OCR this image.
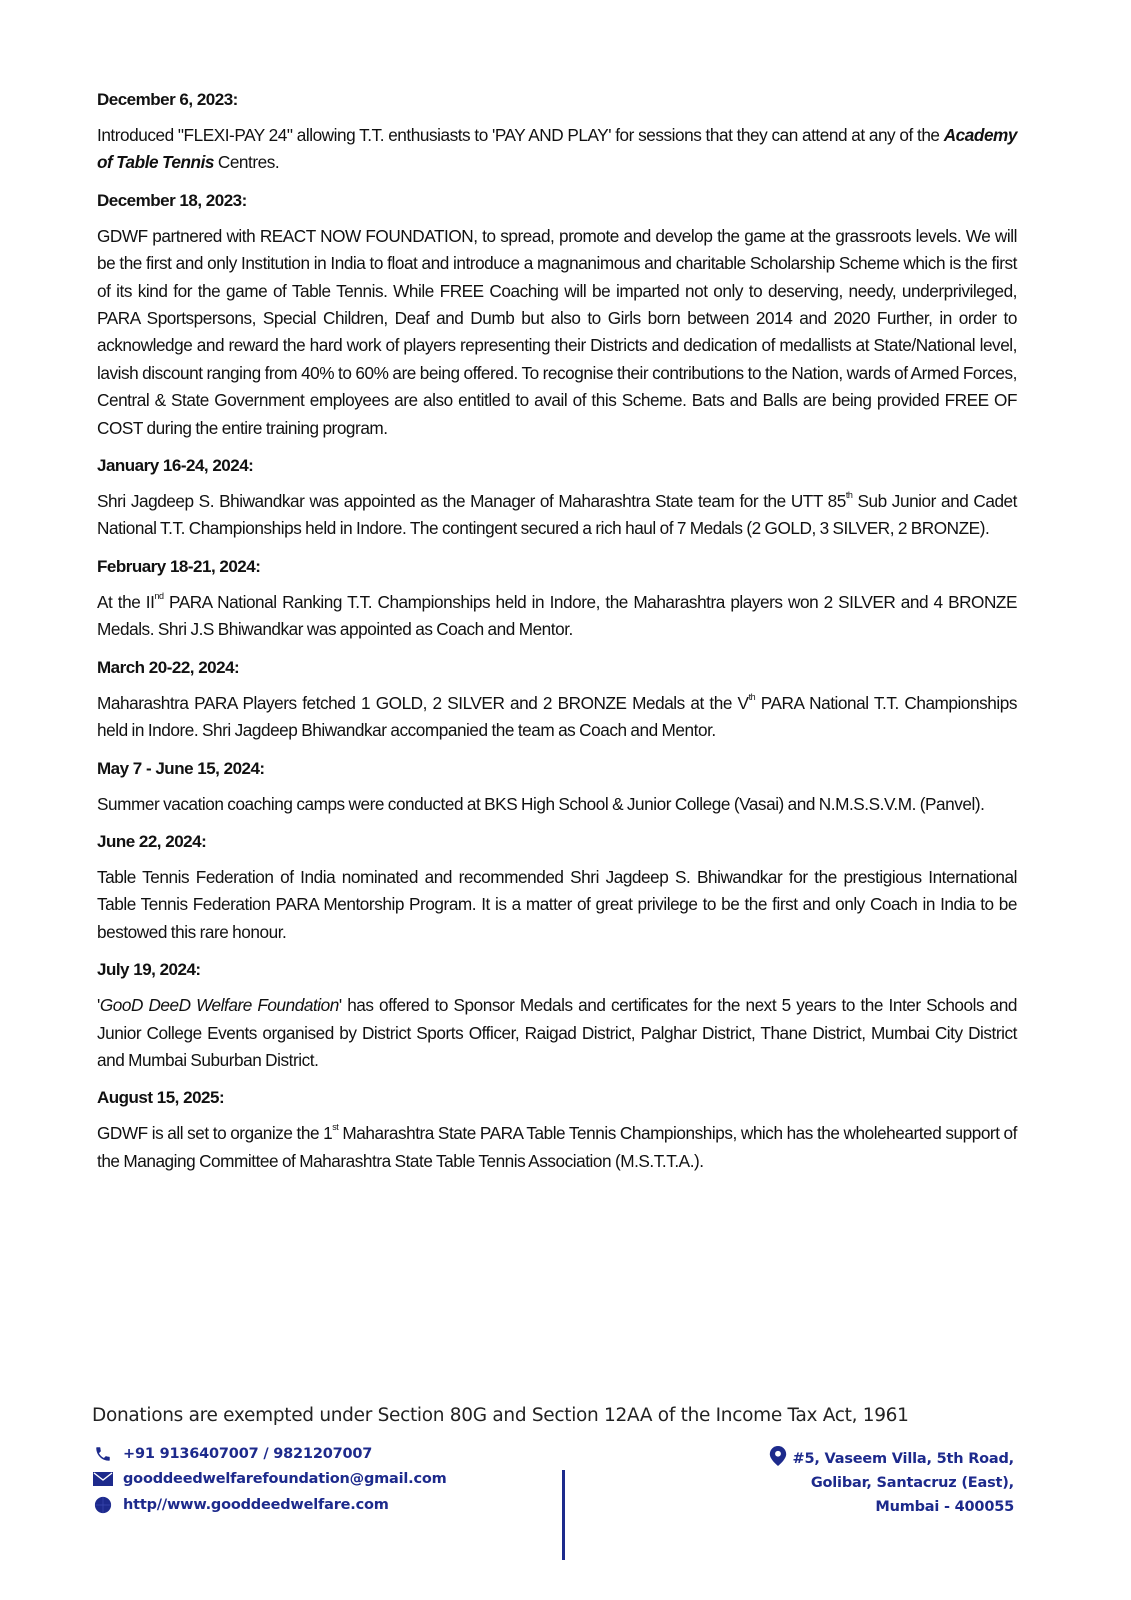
December 6, 2023:
Introduced "FLEXI-PAY 24" allowing T.T. enthusiasts to 'PAY AND PLAY' for sessions that they can attend at any of the Academy of Table Tennis Centres.
December 18, 2023:
GDWF partnered with REACT NOW FOUNDATION, to spread, promote and develop the game at the grassroots levels. We will be the first and only Institution in India to float and introduce a magnanimous and charitable Scholarship Scheme which is the first of its kind for the game of Table Tennis. While FREE Coaching will be imparted not only to deserving, needy, underprivileged, PARA Sportspersons, Special Children, Deaf and Dumb but also to Girls born between 2014 and 2020 Further, in order to acknowledge and reward the hard work of players representing their Districts and dedication of medallists at State/National level, lavish discount ranging from 40% to 60% are being offered. To recognise their contributions to the Nation, wards of Armed Forces, Central & State Government employees are also entitled to avail of this Scheme. Bats and Balls are being provided FREE OF COST during the entire training program.
January 16-24, 2024:
Shri Jagdeep S. Bhiwandkar was appointed as the Manager of Maharashtra State team for the UTT 85th Sub Junior and Cadet National T.T. Championships held in Indore. The contingent secured a rich haul of 7 Medals (2 GOLD, 3 SILVER, 2 BRONZE).
February 18-21, 2024:
At the IInd PARA National Ranking T.T. Championships held in Indore, the Maharashtra players won 2 SILVER and 4 BRONZE Medals. Shri J.S Bhiwandkar was appointed as Coach and Mentor.
March 20-22, 2024:
Maharashtra PARA Players fetched 1 GOLD, 2 SILVER and 2 BRONZE Medals at the Vth PARA National T.T. Championships held in Indore. Shri Jagdeep Bhiwandkar accompanied the team as Coach and Mentor.
May 7 - June 15, 2024:
Summer vacation coaching camps were conducted at BKS High School & Junior College (Vasai) and N.M.S.S.V.M. (Panvel).
June 22, 2024:
Table Tennis Federation of India nominated and recommended Shri Jagdeep S. Bhiwandkar for the prestigious International Table Tennis Federation PARA Mentorship Program. It is a matter of great privilege to be the first and only Coach in India to be bestowed this rare honour.
July 19, 2024:
'GooD DeeD Welfare Foundation' has offered to Sponsor Medals and certificates for the next 5 years to the Inter Schools and Junior College Events organised by District Sports Officer, Raigad District, Palghar District, Thane District, Mumbai City District and Mumbai Suburban District.
August 15, 2025:
GDWF is all set to organize the 1st Maharashtra State PARA Table Tennis Championships, which has the wholehearted support of the Managing Committee of Maharashtra State Table Tennis Association (M.S.T.T.A.).
Donations are exempted under Section 80G and Section 12AA of the Income Tax Act, 1961
+91 9136407007 / 9821207007
gooddeedwelfarefoundation@gmail.com
http//www.gooddeedwelfare.com
#5, Vaseem Villa, 5th Road,
Golibar, Santacruz (East),
Mumbai - 400055
